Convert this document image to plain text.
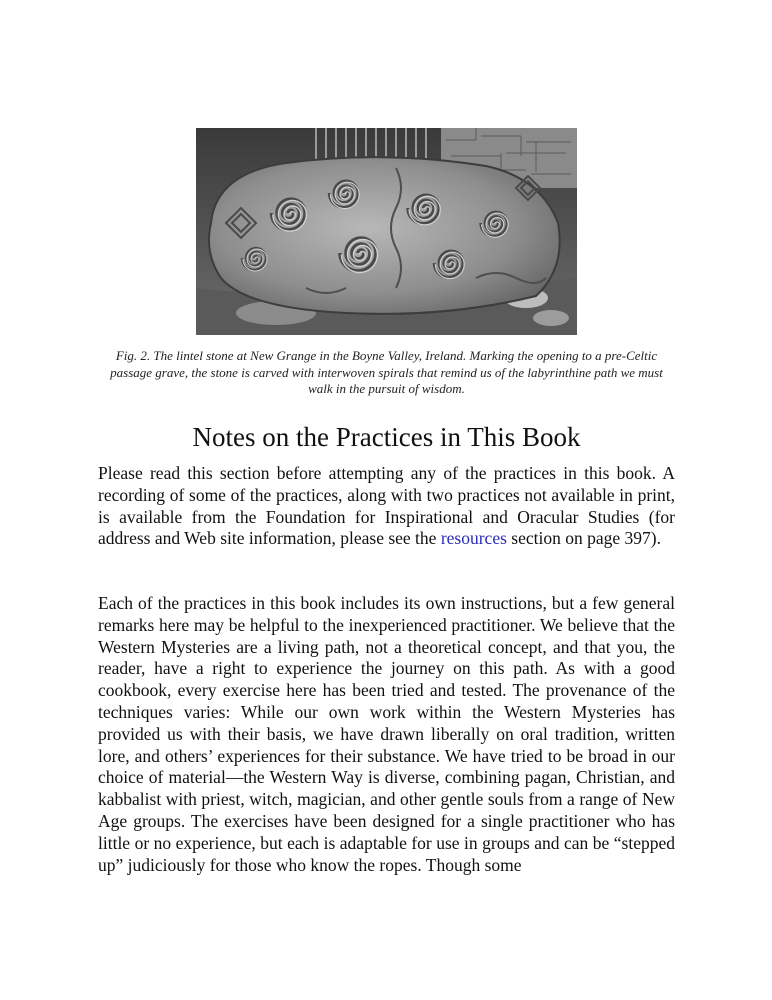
Fig. 2. The lintel stone at New Grange in the Boyne Valley, Ireland. Marking the opening to a pre-Celtic passage grave, the stone is carved with interwoven spirals that remind us of the labyrinthine path we must walk in the pursuit of wisdom.
Notes on the Practices in This Book

Please read this section before attempting any of the practices in this book. A recording of some of the practices, along with two practices not available in print, is available from the Foundation for Inspirational and Oracular Studies (for address and Web site information, please see the resources section on page 397).

Each of the practices in this book includes its own instructions, but a few general remarks here may be helpful to the inexperienced practitioner. We believe that the Western Mysteries are a living path, not a theoretical concept, and that you, the reader, have a right to experience the journey on this path. As with a good cookbook, every exercise here has been tried and tested. The provenance of the techniques varies: While our own work within the Western Mysteries has provided us with their basis, we have drawn liberally on oral tradition, written lore, and others’ experiences for their substance. We have tried to be broad in our choice of material—the Western Way is diverse, combining pagan, Christian, and kabbalist with priest, witch, magician, and other gentle souls from a range of New Age groups. The exercises have been designed for a single practitioner who has little or no experience, but each is adaptable for use in groups and can be “stepped up” judiciously for those who know the ropes. Though some
